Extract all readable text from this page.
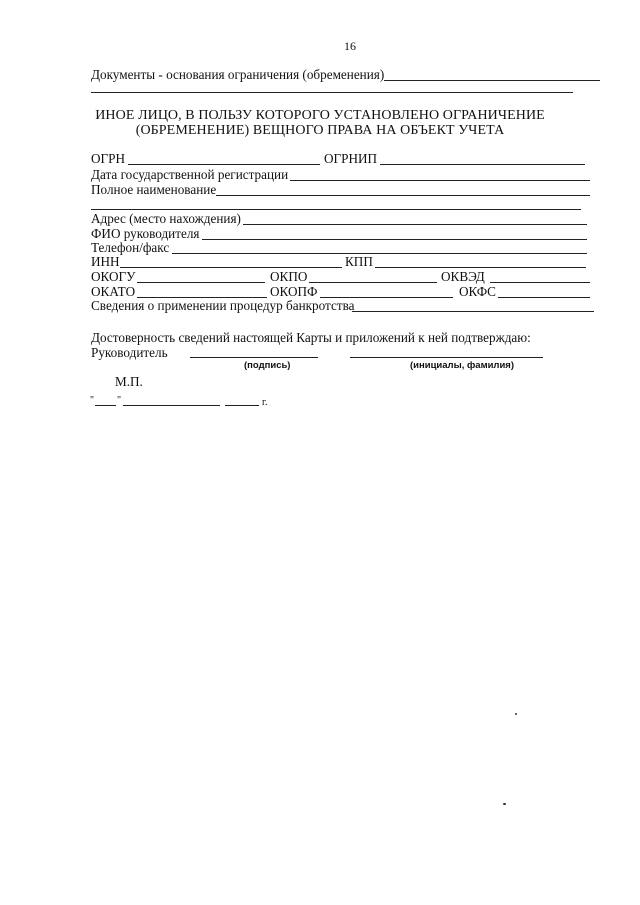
16
Документы - основания ограничения (обременения)
ИНОЕ ЛИЦО, В ПОЛЬЗУ КОТОРОГО УСТАНОВЛЕНО ОГРАНИЧЕНИЕ
(ОБРЕМЕНЕНИЕ) ВЕЩНОГО ПРАВА НА ОБЪЕКТ УЧЕТА
ОГРН	ОГРНИП
Дата государственной регистрации
Полное наименование
Адрес (место нахождения)
ФИО руководителя
Телефон/факс
ИНН	КПП
ОКОГУ	ОКПО	ОКВЭД
ОКАТО	ОКОПФ	ОКФС
Сведения о применении процедур банкротства
Достоверность сведений настоящей Карты и приложений к ней подтверждаю:
Руководитель
(подпись)	(инициалы, фамилия)
М.П.
" "	г.
